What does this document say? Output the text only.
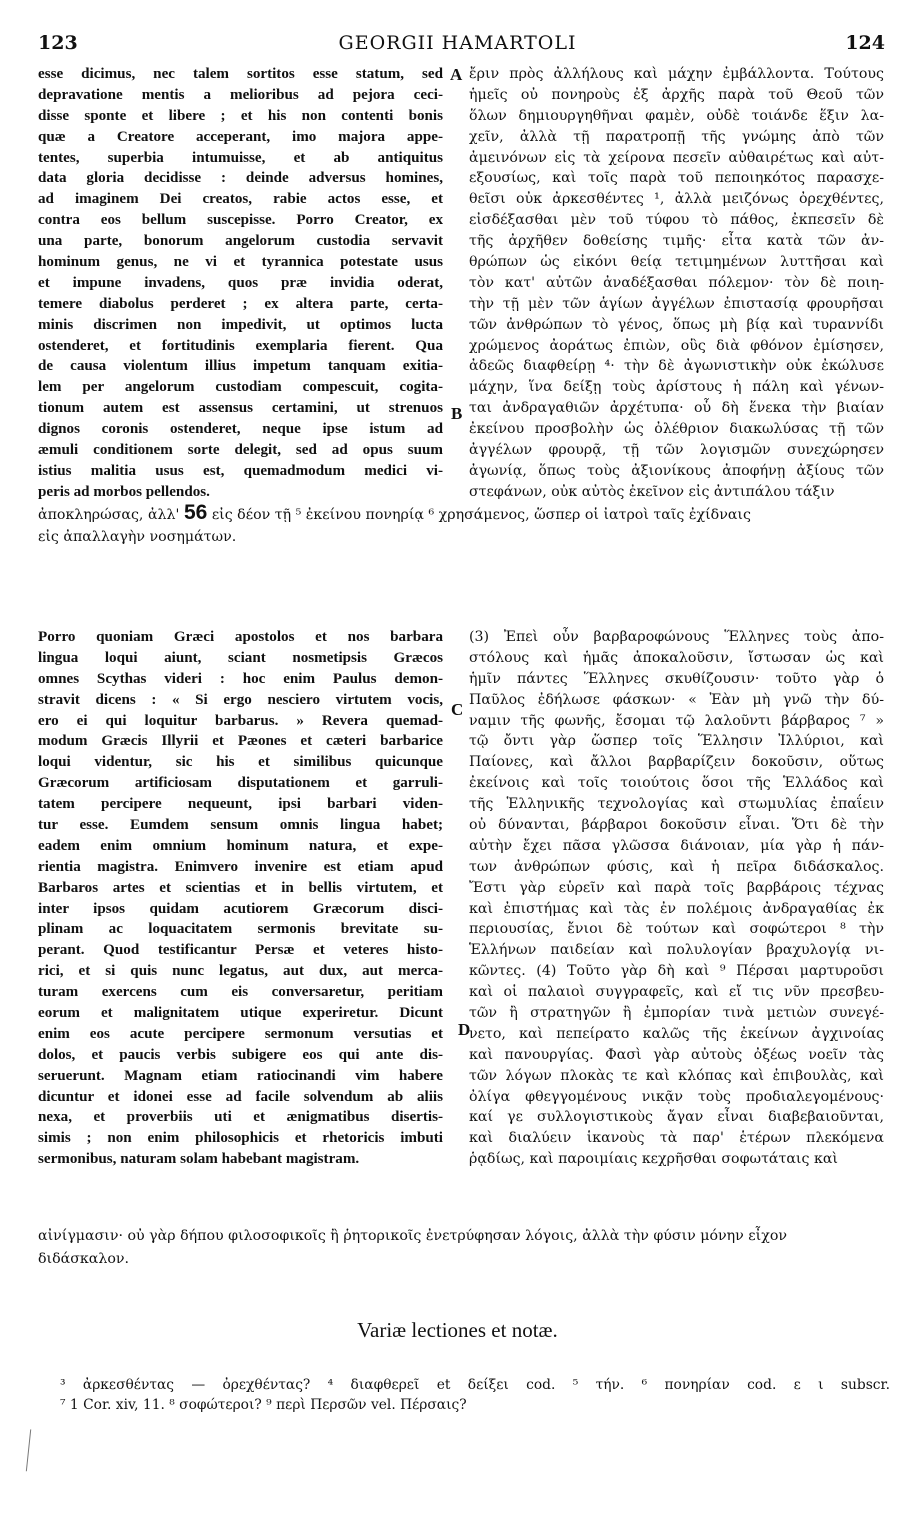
123	GEORGII HAMARTOLI	124
esse dicimus, nec talem sortitos esse statum, sed
depravatione mentis a melioribus ad pejora ceci-
disse sponte et libere ; et his non contenti bonis
quæ a Creatore acceperant, imo majora appe-
tentes, superbia intumuisse, et ab antiquitus
data gloria decidisse : deinde adversus homines,
ad imaginem Dei creatos, rabie actos esse, et
contra eos bellum suscepisse. Porro Creator, ex
una parte, bonorum angelorum custodia servavit
hominum genus, ne vi et tyrannica potestate usus
et impune invadens, quos præ invidia oderat,
temere diabolus perderet ; ex altera parte, certa-
minis discrimen non impedivit, ut optimos lucta
ostenderet, et fortitudinis exemplaria fierent. Qua
de causa violentum illius impetum tanquam exitia-
lem per angelorum custodiam compescuit, cogita-
tionum autem est assensus certamini, ut strenuos
dignos coronis ostenderet, neque ipse istum ad
æmuli conditionem sorte delegit, sed ad opus suum
istius malitia usus est, quemadmodum medici vi-
peris ad morbos pellendos.
ἔριν πρὸς ἀλλήλους καὶ μάχην ἐμβάλλοντα. Τούτους
ἡμεῖς οὐ πονηροὺς ἐξ ἀρχῆς παρὰ τοῦ Θεοῦ τῶν
ὅλων δημιουργηθῆναι φαμὲν, οὐδὲ τοιάνδε ἕξιν λα-
χεῖν, ἀλλὰ τῇ παρατροπῇ τῆς γνώμης ἀπὸ τῶν
ἀμεινόνων εἰς τὰ χείρονα πεσεῖν αὐθαιρέτως καὶ αὐτ-
εξουσίως, καὶ τοῖς παρὰ τοῦ πεποιηκότος παρασχε-
θεῖσι οὐκ ἀρκεσθέντες ¹, ἀλλὰ μειζόνως ὀρεχθέντες,
εἰσδέξασθαι μὲν τοῦ τύφου τὸ πάθος, ἐκπεσεῖν δὲ
τῆς ἀρχῆθεν δοθείσης τιμῆς· εἶτα κατὰ τῶν ἀν-
θρώπων ὡς εἰκόνι θείᾳ τετιμημένων λυττῆσαι καὶ
τὸν κατ' αὐτῶν ἀναδέξασθαι πόλεμον· τὸν δὲ ποιη-
τὴν τῇ μὲν τῶν ἁγίων ἀγγέλων ἐπιστασίᾳ φρουρῆσαι
τῶν ἀνθρώπων τὸ γένος, ὅπως μὴ βίᾳ καὶ τυραννίδι
χρώμενος ἀοράτως ἐπιὼν, οὓς διὰ φθόνον ἐμίσησεν,
ἀδεῶς διαφθείρῃ ⁴· τὴν δὲ ἀγωνιστικὴν οὐκ ἐκώλυσε
μάχην, ἵνα δείξῃ τοὺς ἀρίστους ἡ πάλη καὶ γένων-
ται ἀνδραγαθιῶν ἀρχέτυπα· οὗ δὴ ἕνεκα τὴν βιαίαν
ἐκείνου προσβολὴν ὡς ὀλέθριον διακωλύσας τῇ τῶν
ἀγγέλων φρουρᾷ, τῇ τῶν λογισμῶν συνεχώρησεν
ἀγωνίᾳ, ὅπως τοὺς ἀξιονίκους ἀποφήνῃ ἀξίους τῶν
στεφάνων, οὐκ αὐτὸς ἐκεῖνον εἰς ἀντιπάλου τάξιν
A
B
ἀποκληρώσας, ἀλλ' 56 εἰς δέον τῇ ⁵ ἐκείνου πονηρίᾳ ⁶ χρησάμενος, ὥσπερ οἱ ἰατροὶ ταῖς ἐχίδναις
εἰς ἀπαλλαγὴν νοσημάτων.
Porro quoniam Græci apostolos et nos barbara
lingua loqui aiunt, sciant nosmetipsis Græcos
omnes Scythas videri : hoc enim Paulus demon-
stravit dicens : « Si ergo nesciero virtutem vocis,
ero ei qui loquitur barbarus. » Revera quemad-
modum Græcis Illyrii et Pæones et cæteri barbarice
loqui videntur, sic his et similibus quicunque
Græcorum artificiosam disputationem et garruli-
tatem percipere nequeunt, ipsi barbari viden-
tur esse. Eumdem sensum omnis lingua habet;
eadem enim omnium hominum natura, et expe-
rientia magistra. Enimvero invenire est etiam apud
Barbaros artes et scientias et in bellis virtutem, et
inter ipsos quidam acutiorem Græcorum disci-
plinam ac loquacitatem sermonis brevitate su-
perant. Quod testificantur Persæ et veteres histo-
rici, et si quis nunc legatus, aut dux, aut merca-
turam exercens cum eis conversaretur, peritiam
eorum et malignitatem utique experiretur. Dicunt
enim eos acute percipere sermonum versutias et
dolos, et paucis verbis subigere eos qui ante dis-
seruerunt. Magnam etiam ratiocinandi vim habere
dicuntur et idonei esse ad facile solvendum ab aliis
nexa, et proverbiis uti et ænigmatibus disertis-
simis ; non enim philosophicis et rhetoricis imbuti
sermonibus, naturam solam habebant magistram.
(3) Ἐπεὶ οὖν βαρβαροφώνους Ἕλληνες τοὺς ἀπο-
στόλους καὶ ἡμᾶς ἀποκαλοῦσιν, ἴστωσαν ὡς καὶ
ἡμῖν πάντες Ἕλληνες σκυθίζουσιν· τοῦτο γὰρ ὁ
Παῦλος ἐδήλωσε φάσκων· « Ἐὰν μὴ γνῶ τὴν δύ-
ναμιν τῆς φωνῆς, ἔσομαι τῷ λαλοῦντι βάρβαρος ⁷ »
τῷ ὄντι γὰρ ὥσπερ τοῖς Ἕλλησιν Ἰλλύριοι, καὶ
Παίονες, καὶ ἄλλοι βαρβαρίζειν δοκοῦσιν, οὕτως
ἐκείνοις καὶ τοῖς τοιούτοις ὅσοι τῆς Ἑλλάδος καὶ
τῆς Ἑλληνικῆς τεχνολογίας καὶ στωμυλίας ἐπαΐειν
οὐ δύνανται, βάρβαροι δοκοῦσιν εἶναι. Ὅτι δὲ τὴν
αὐτὴν ἔχει πᾶσα γλῶσσα διάνοιαν, μία γὰρ ἡ πάν-
των ἀνθρώπων φύσις, καὶ ἡ πεῖρα διδάσκαλος.
Ἔστι γὰρ εὑρεῖν καὶ παρὰ τοῖς βαρβάροις τέχνας
καὶ ἐπιστήμας καὶ τὰς ἐν πολέμοις ἀνδραγαθίας ἐκ
περιουσίας, ἔνιοι δὲ τούτων καὶ σοφώτεροι ⁸ τὴν
Ἑλλήνων παιδείαν καὶ πολυλογίαν βραχυλογίᾳ νι-
κῶντες. (4) Τοῦτο γὰρ δὴ καὶ ⁹ Πέρσαι μαρτυροῦσι
καὶ οἱ παλαιοὶ συγγραφεῖς, καὶ εἴ τις νῦν πρεσβευ-
τῶν ἢ στρατηγῶν ἢ ἐμπορίαν τινὰ μετιὼν συνεγέ-
νετο, καὶ πεπείρατο καλῶς τῆς ἐκείνων ἀγχινοίας
καὶ πανουργίας. Φασὶ γὰρ αὐτοὺς ὀξέως νοεῖν τὰς
τῶν λόγων πλοκὰς τε καὶ κλόπας καὶ ἐπιβουλὰς, καὶ
ὀλίγα φθεγγομένους νικᾷν τοὺς προδιαλεγομένους·
καί γε συλλογιστικοὺς ἄγαν εἶναι διαβεβαιοῦνται,
καὶ διαλύειν ἱκανοὺς τὰ παρ' ἑτέρων πλεκόμενα
ῥᾳδίως, καὶ παροιμίαις κεχρῆσθαι σοφωτάταις καὶ
C
D
αἰνίγμασιν· οὐ γὰρ δήπου φιλοσοφικοῖς ἢ ῥητορικοῖς ἐνετρύφησαν λόγοις, ἀλλὰ τὴν φύσιν μόνην εἶχον
διδάσκαλον.
Variæ lectiones et notæ.
³ ἀρκεσθέντας — ὀρεχθέντας? ⁴ διαφθερεῖ et δείξει cod. ⁵ τήν. ⁶ πονηρίαν cod. ε ι subscr.
⁷ 1 Cor. xiv, 11. ⁸ σοφώτεροι? ⁹ περὶ Περσῶν vel. Πέρσαις?
